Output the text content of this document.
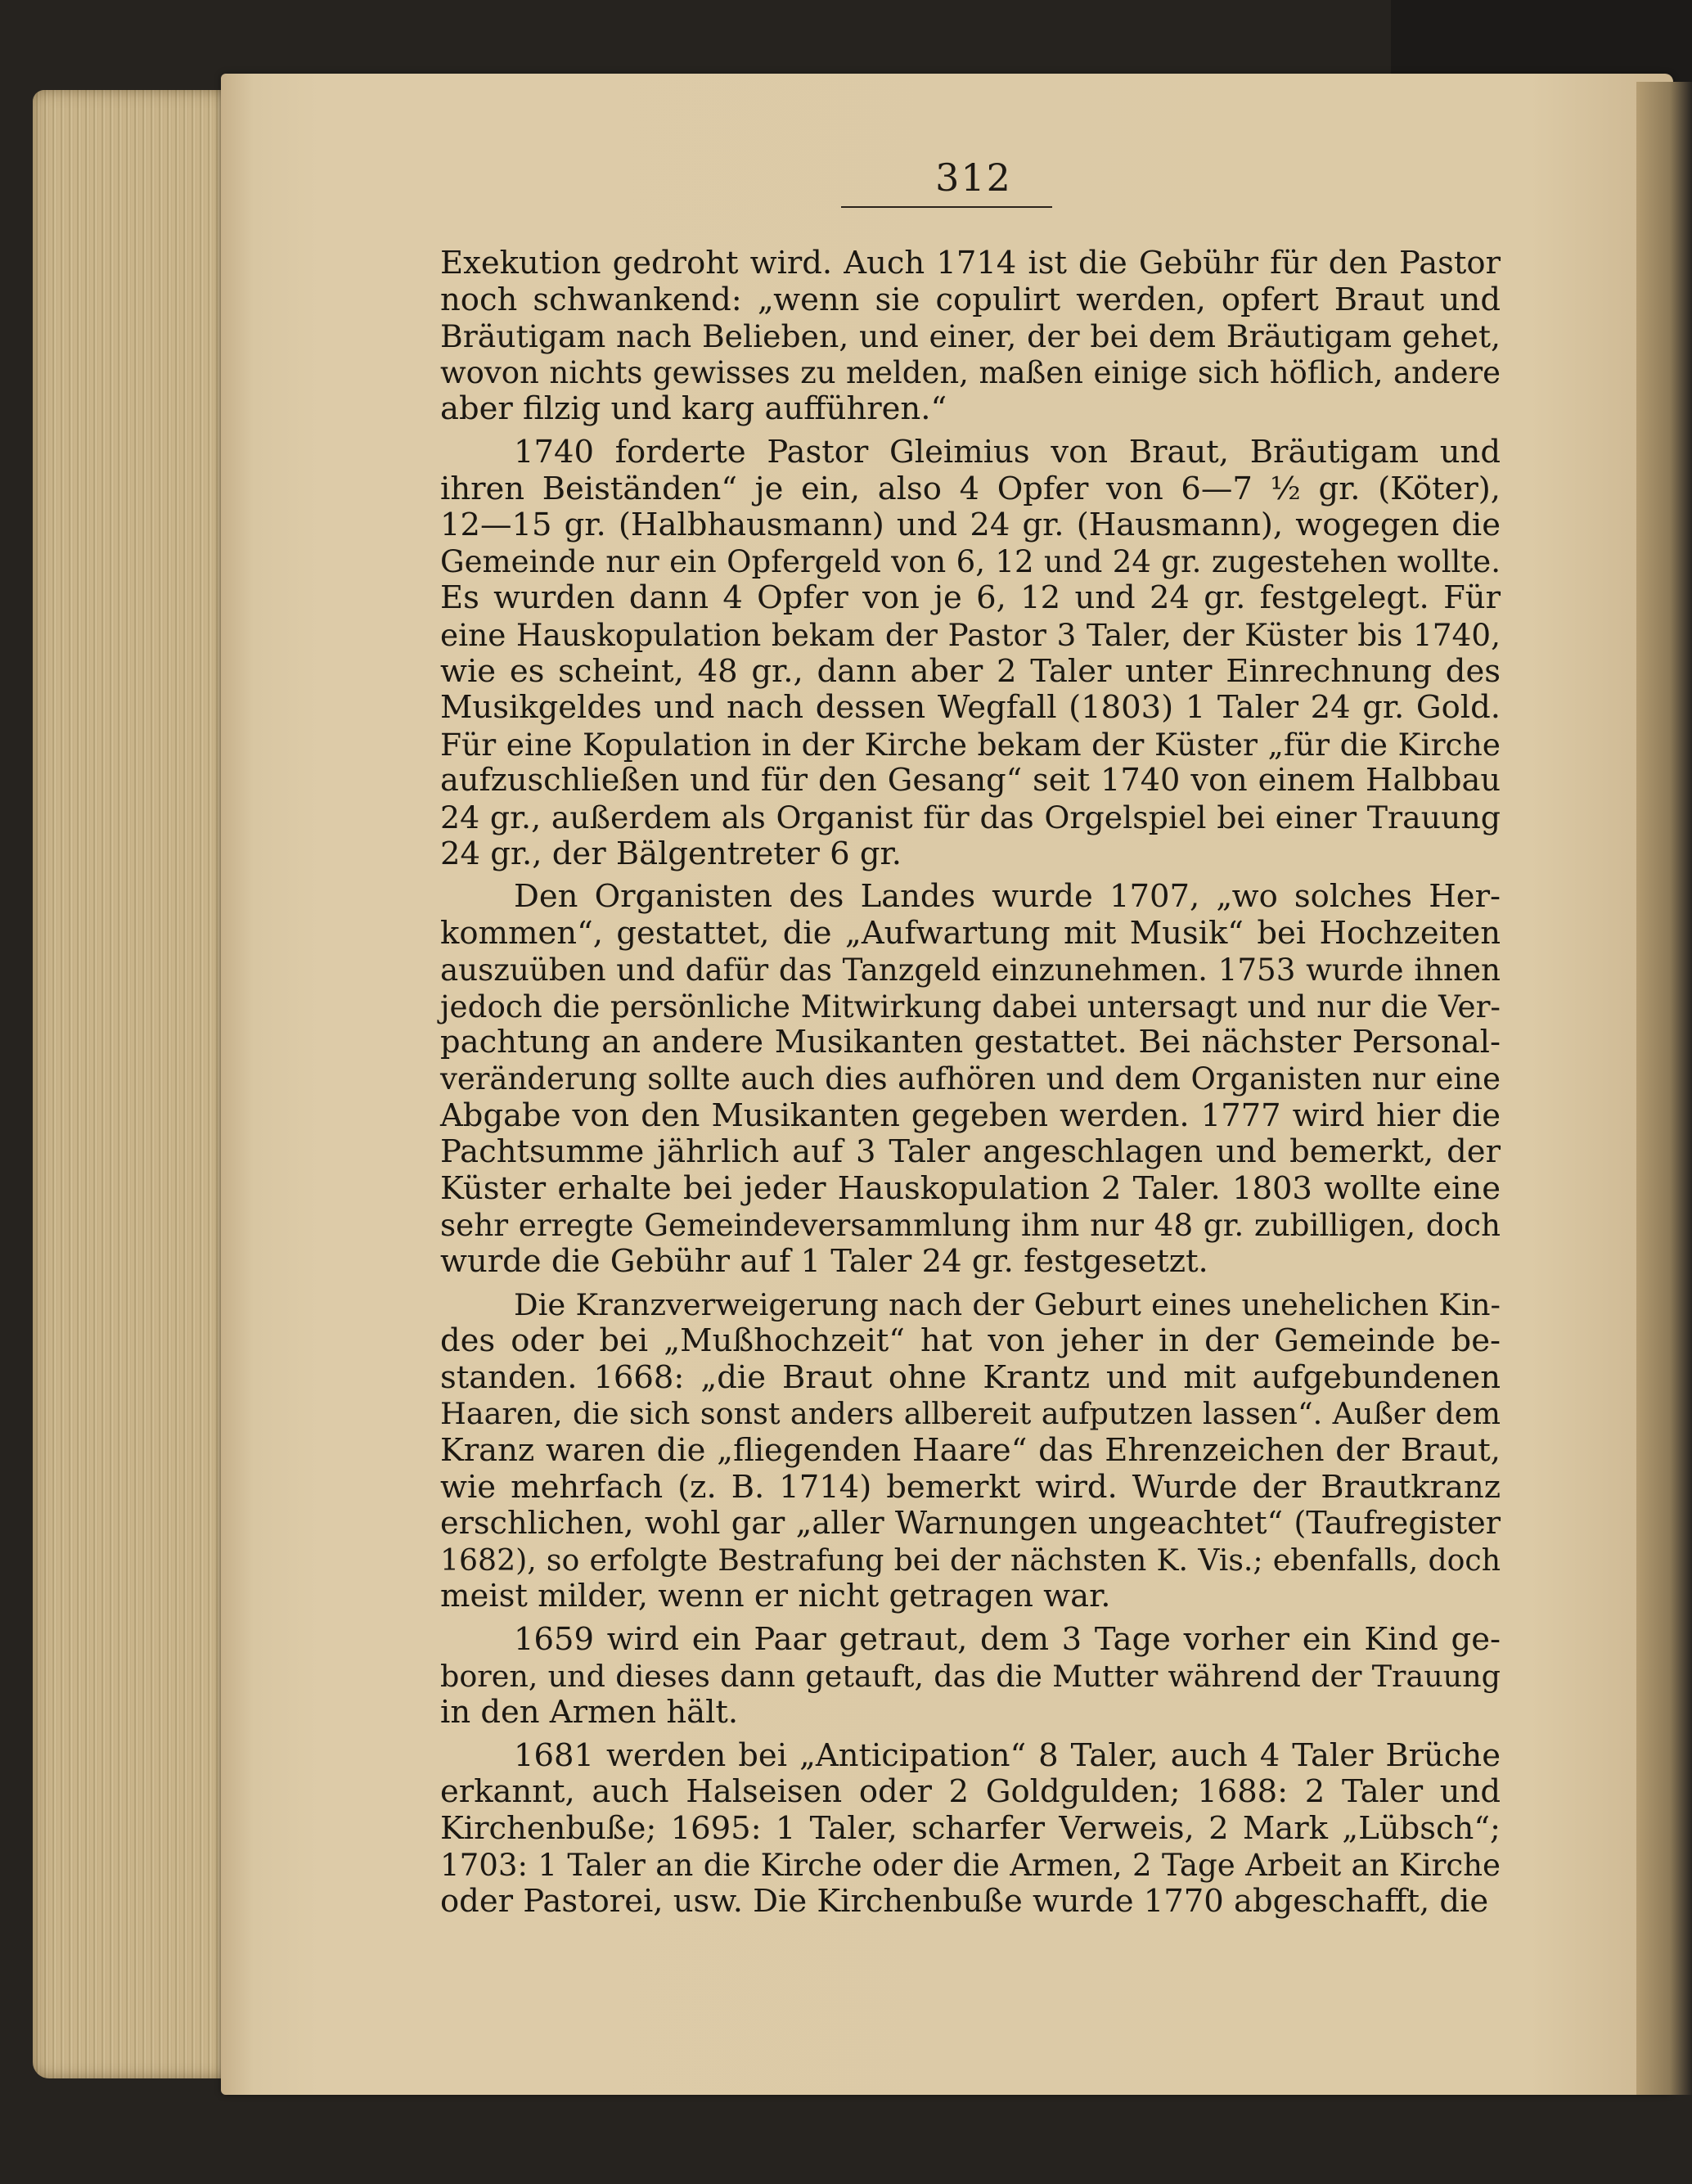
312
Exekution gedroht wird. Auch 1714 ist die Gebühr für den Pastor
noch schwankend: „wenn sie copulirt werden, opfert Braut und
Bräutigam nach Belieben, und einer, der bei dem Bräutigam gehet,
wovon nichts gewisses zu melden, maßen einige sich höflich, andere
aber filzig und karg aufführen.“
1740 forderte Pastor Gleimius von Braut, Bräutigam und
ihren Beiständen“ je ein, also 4 Opfer von 6—7 ½ gr. (Köter),
12—15 gr. (Halbhausmann) und 24 gr. (Hausmann), wogegen die
Gemeinde nur ein Opfergeld von 6, 12 und 24 gr. zugestehen wollte.
Es wurden dann 4 Opfer von je 6, 12 und 24 gr. festgelegt. Für
eine Hauskopulation bekam der Pastor 3 Taler, der Küster bis 1740,
wie es scheint, 48 gr., dann aber 2 Taler unter Einrechnung des
Musikgeldes und nach dessen Wegfall (1803) 1 Taler 24 gr. Gold.
Für eine Kopulation in der Kirche bekam der Küster „für die Kirche
aufzuschließen und für den Gesang“ seit 1740 von einem Halbbau
24 gr., außerdem als Organist für das Orgelspiel bei einer Trauung
24 gr., der Bälgentreter 6 gr.
Den Organisten des Landes wurde 1707, „wo solches Her-
kommen“, gestattet, die „Aufwartung mit Musik“ bei Hochzeiten
auszuüben und dafür das Tanzgeld einzunehmen. 1753 wurde ihnen
jedoch die persönliche Mitwirkung dabei untersagt und nur die Ver-
pachtung an andere Musikanten gestattet. Bei nächster Personal-
veränderung sollte auch dies aufhören und dem Organisten nur eine
Abgabe von den Musikanten gegeben werden. 1777 wird hier die
Pachtsumme jährlich auf 3 Taler angeschlagen und bemerkt, der
Küster erhalte bei jeder Hauskopulation 2 Taler. 1803 wollte eine
sehr erregte Gemeindeversammlung ihm nur 48 gr. zubilligen, doch
wurde die Gebühr auf 1 Taler 24 gr. festgesetzt.
Die Kranzverweigerung nach der Geburt eines unehelichen Kin-
des oder bei „Mußhochzeit“ hat von jeher in der Gemeinde be-
standen. 1668: „die Braut ohne Krantz und mit aufgebundenen
Haaren, die sich sonst anders allbereit aufputzen lassen“. Außer dem
Kranz waren die „fliegenden Haare“ das Ehrenzeichen der Braut,
wie mehrfach (z. B. 1714) bemerkt wird. Wurde der Brautkranz
erschlichen, wohl gar „aller Warnungen ungeachtet“ (Taufregister
1682), so erfolgte Bestrafung bei der nächsten K. Vis.; ebenfalls, doch
meist milder, wenn er nicht getragen war.
1659 wird ein Paar getraut, dem 3 Tage vorher ein Kind ge-
boren, und dieses dann getauft, das die Mutter während der Trauung
in den Armen hält.
1681 werden bei „Anticipation“ 8 Taler, auch 4 Taler Brüche
erkannt, auch Halseisen oder 2 Goldgulden; 1688: 2 Taler und
Kirchenbuße; 1695: 1 Taler, scharfer Verweis, 2 Mark „Lübsch“;
1703: 1 Taler an die Kirche oder die Armen, 2 Tage Arbeit an Kirche
oder Pastorei, usw. Die Kirchenbuße wurde 1770 abgeschafft, die
